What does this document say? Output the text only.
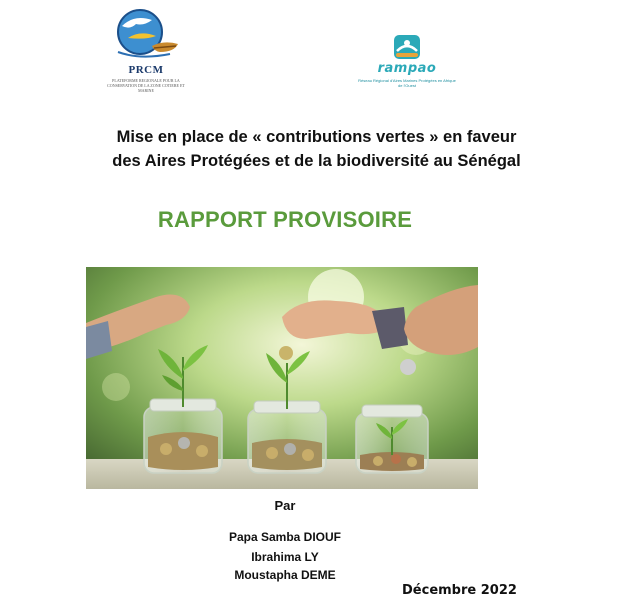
PRCM
PLATEFORME REGIONALE POUR LA CONSERVATION DE LA ZONE COTIERE ET MARINE
rampao
Réseau Régional d'Aires Marines Protégées en Afrique de l'Ouest
Mise en place de « contributions vertes » en faveur
des Aires Protégées et de la biodiversité au Sénégal
RAPPORT PROVISOIRE
Par
Papa Samba DIOUF
Ibrahima LY
Moustapha DEME
Décembre 2022
